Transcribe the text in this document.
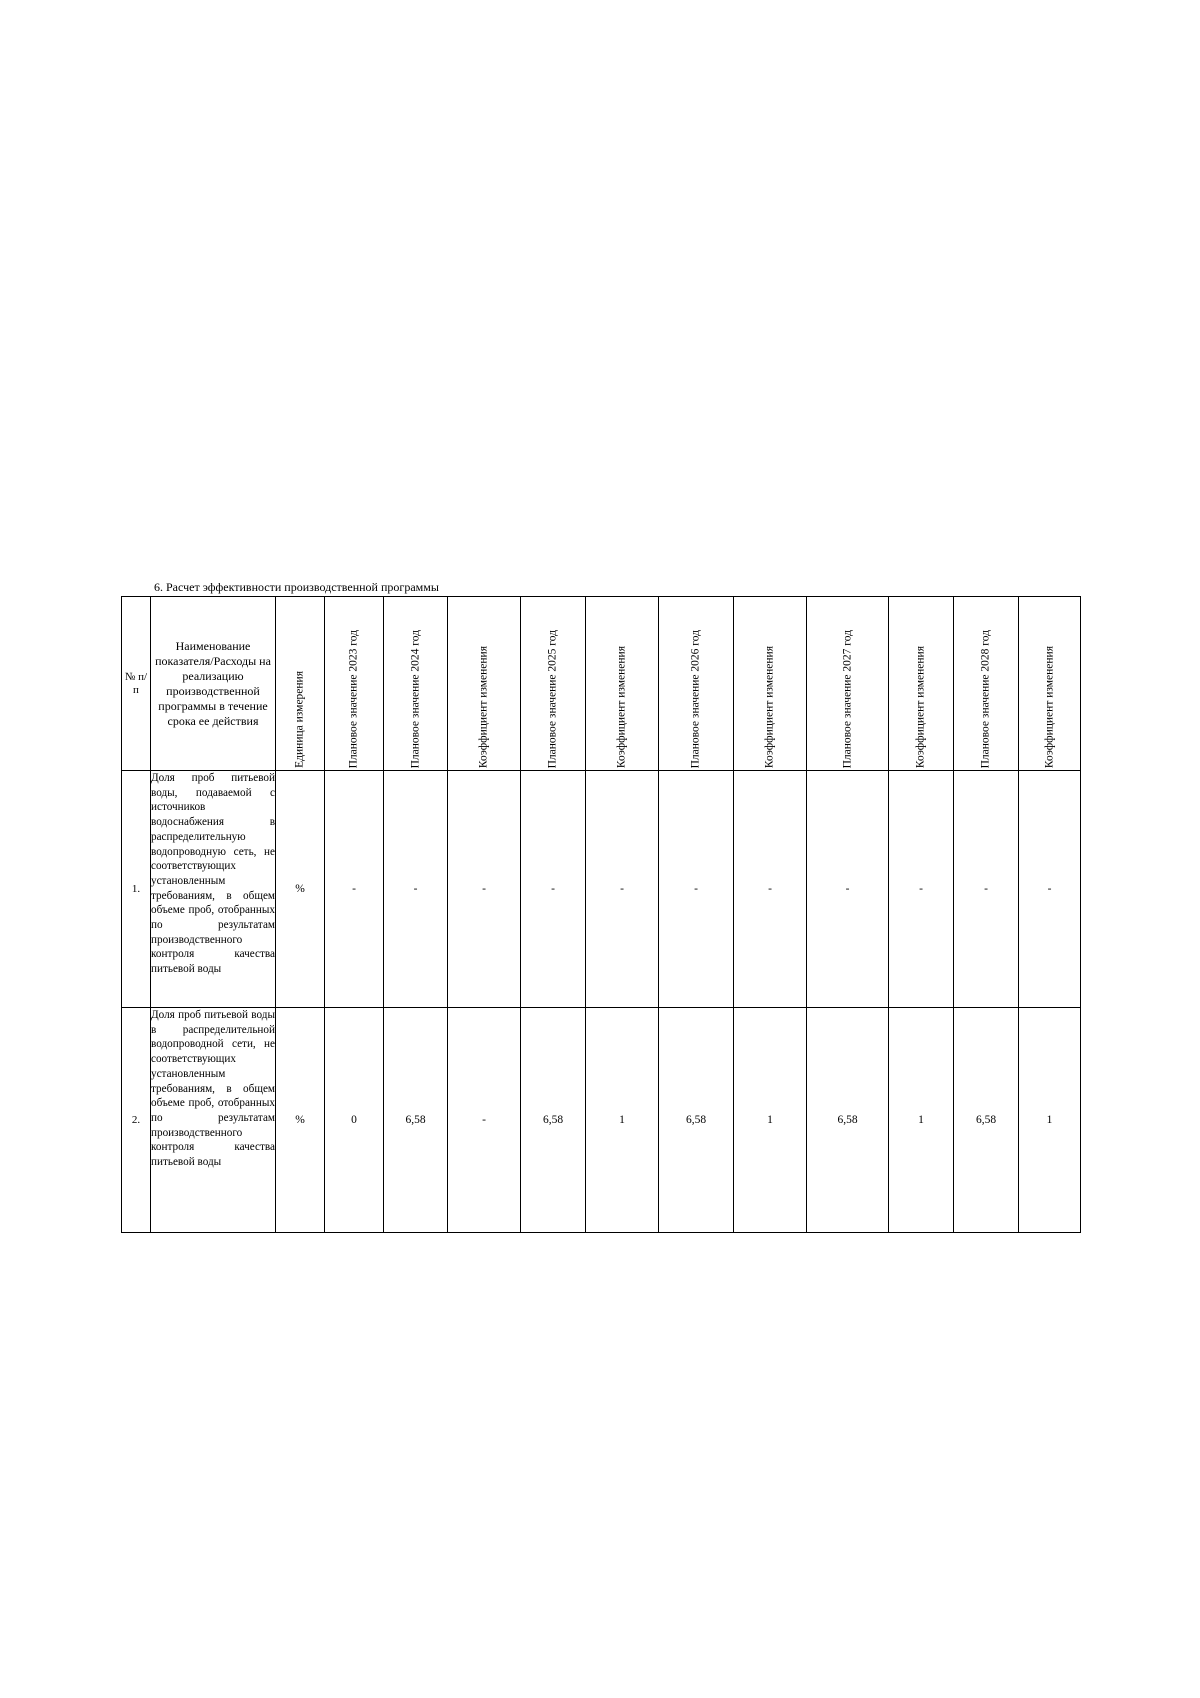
6. Расчет эффективности производственной программы
№ п/п	Наименование показателя/Расходы на реализацию производственной программы в течение срока ее действия	Единица измерения	Плановое значение 2023 год	Плановое значение 2024 год	Коэффициент изменения	Плановое значение 2025 год	Коэффициент изменения	Плановое значение 2026 год	Коэффициент изменения	Плановое значение 2027 год	Коэффициент изменения	Плановое значение 2028 год	Коэффициент изменения

1.	Доля проб питьевой воды, подаваемой с источников водоснабжения в распределительную водопроводную сеть, не соответствующих установленным требованиям, в общем объеме проб, отобранных по результатам производственного контроля качества питьевой воды	%	-	-	-	-	-	-	-	-	-	-	-
2.	Доля проб питьевой воды в распределительной водопроводной сети, не соответствующих установленным требованиям, в общем объеме проб, отобранных по результатам производственного контроля качества питьевой воды	%	0	6,58	-	6,58	1	6,58	1	6,58	1	6,58	1
